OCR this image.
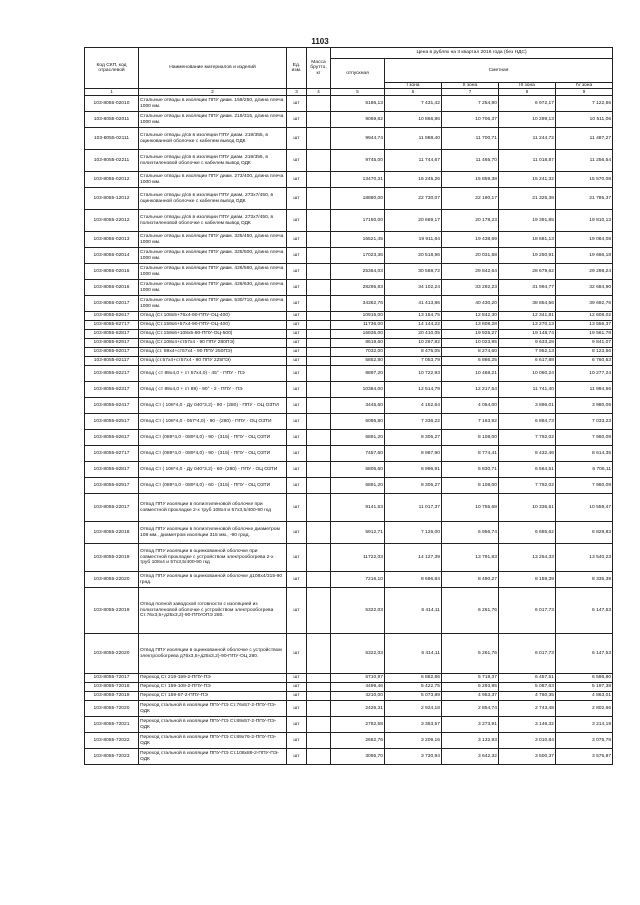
1103
Код СКП, код отраслевой	Наименование материалов и изделий	Ед. изм.	Масса брутто, кг	Цена в рублях на II квартал 2016 года (без НДС)				
				отпускная	Сметная			
					I зона	II зона	III зона	IV зона
1	2	3	4	5	6	7	8	9
103-8055-02010	Стальные отводы в изоляции ППУ диам. 159/250, длина плеча 1000 мм.	шт		6186,13	7 431,42	7 254,90	6 972,17	7 122,56
103-8055-02011	Стальные отводы в изоляции ППУ диам. 219/315, длина плеча 1000 мм.	шт		9069,62	10 866,86	10 706,37	10 289,13	10 511,06
103-8055-02111	Стальные отводы д/св в изоляции ППУ диам. 219/355, в оцинкованной оболочке с кабелем вывод ОДК	шт		9944,74	11 988,40	11 700,71	11 244,72	11 487,27
103-8055-02211	Стальные отводы д/св в изоляции ППУ диам. 219/355, в полиэтиленовой оболочке с кабелем вывод ОДК	шт		9745,00	11 744,67	11 465,70	11 018,87	11 256,54
103-8055-02012	Стальные отводы в изоляции ППУ диам. 273/400, длина плеча 1000 мм.	шт		13470,31	16 245,26	15 859,38	15 241,32	15 570,08
103-8055-12012	Стальные отводы д/св в изоляции ППУ диам. 273х7/450, в оцинкованной оболочке с кабелем вывод ОДК	шт		18880,00	22 730,07	22 190,17	21 325,38	21 785,37
103-8055-22012	Стальные отводы д/св в изоляции ППУ диам. 273х7/450, в полиэтиленовой оболочке с кабелем вывод ОДК	шт		17150,00	20 669,17	20 178,23	19 391,85	19 810,13
103-8055-02013	Стальные отводы в изоляции ППУ диам. 325/450, длина плеча 1000 мм.	шт		16521,45	19 911,64	19 438,69	18 681,13	19 084,08
103-8055-02014	Стальные отводы в изоляции ППУ диам. 325/500, длина плеча 1000 мм.	шт		17023,36	20 518,96	20 031,58	19 250,91	19 666,18
103-8055-02015	Стальные отводы в изоляции ППУ диам. 426/560, длина плеча 1000 мм.	шт		25364,03	30 568,72	29 842,64	28 679,62	29 298,24
103-8055-02016	Стальные отводы в изоляции ППУ диам. 426/630, длина плеча 1000 мм.	шт		28295,93	34 102,24	33 292,23	31 994,77	32 684,90
103-8055-02017	Стальные отводы в изоляции ППУ диам. 530/710, длина плеча 1000 мм.	шт		34362,76	41 413,86	40 430,20	38 854,56	39 692,76
103-8055-82617	Отвод (Ст.108х5+76х4-90-ППУ-ОЦ-400)	шт		10915,00	13 154,75	12 842,30	12 341,81	12 608,02
103-8055-82717	Отвод (Ст.159х6+57х4-90-ППУ-ОЦ-400)	шт		11736,00	14 144,22	13 808,28	13 270,13	13 556,37
103-8055-82817	Отвод (Ст.159х6+108х5-90-ППУ-ОЦ-500)	шт		16935,00	20 410,05	19 925,27	19 148,74	19 561,78
103-8055-82917	Отвод (Ст.108х4+ст57х4 - 90 ППУ 280ПЭ)	шт		8519,60	10 267,82	10 023,95	9 633,28	9 841,07
103-8055-92017	Отвод (ст. 89х4+ст57х4 - 90 ППУ 250ПЭ)	шт		7032,00	8 475,05	8 274,60	7 952,13	8 123,56
103-8055-92117	Отвод (ст.57х4+ст57х4 - 90 ППУ 225ПЭ)	шт		5852,80	7 053,79	6 886,25	6 617,88	6 760,63
103-8055-92217	Отвод ( ст 89х4,0 + ст 57х4,0) - 45° - ППУ - ПЭ	шт		8897,20	10 722,93	10 468,21	10 060,24	10 277,24
103-8055-92317	Отвод ( ст 89х4,0 + ст 89) - 90° - 2 - ППУ - ПЭ	шт		10384,00	12 514,79	12 217,54	11 741,40	11 994,66
103-8055-92417	Отвод Ст ( 108*4,0 - Ду 040*3,2) - 90 - (280) - ППУ - ОЦ ОЗТИ	шт		3445,60	4 152,64	4 054,00	3 896,01	3 980,05
103-8055-92517	Отвод Ст ( 108*4,0 - 057*4,0) - 90 - (280) - ППУ - ОЦ ОЗТИ	шт		6086,80	7 336,22	7 163,92	6 884,73	7 033,23
103-8055-92617	Отвод Ст (089*4,0 - 089*4,0) - 90 - (315) - ППУ - ОЦ ОЗТИ	шт		6891,20	8 305,27	8 108,00	7 792,02	7 960,09
103-8055-92717	Отвод Ст (089*4,0 - 089*4,0) - 90 - (315) - ППУ - ОЦ ОЗТИ	шт		7457,60	8 987,90	8 774,41	8 432,46	8 614,35
103-8055-92817	Отвод Ст ( 108*4,0 - Ду 040*3,2) - 60- (280) - ППУ - ОЦ ОЗТИ	шт		5805,60	6 996,91	6 830,71	6 564,51	6 706,11
103-8055-92917	Отвод Ст (089*4,0 - 089*4,0) - 60 - (315) - ППУ - ОЦ ОЗТИ	шт		6891,20	8 305,27	8 108,00	7 792,02	7 960,09
103-8055-22017	Отвод ППУ изоляции в полиэтиленовой оболочке при совместной прокладке 2-х труб 108х4 и 57х3,5/400-90 гкд	шт		9141,53	11 017,37	10 755,68	10 336,51	10 559,47
103-8055-22018	Отвод ППУ изоляции в полиэтиленовой оболочке диаметром 108 мм., диаметром изоляции 315 мм., -90 град.	шт		5912,71	7 126,00	6 956,74	6 685,62	6 829,83
103-8055-22019	Отвод ППУ изоляции в оцинкованной оболочке при совместной прокладке с устройством электрообогрева 2-х труб 108х4 и 57х3,5/400-90 гкд	шт		11722,03	14 127,39	13 791,83	13 254,33	13 540,23
103-8055-22020	Отвод ППУ изоляции в оцинкованной оболочке д108х4/315-90 град.	шт		7216,10	8 696,84	8 490,27	8 159,39	8 335,39
103-8055-22019	Отвод полной заводской готовности с изоляцией из полиэтиленовой оболочке с устройством электрообогрева Ст.76х3,5+д25х3,2)-90-ППУОПЭ 280.	шт		5322,03	6 414,11	6 261,76	6 017,73	6 147,53
103-8055-22020	Отвод ППУ изоляции в оцинкованной оболочке с устройством электрообогрева д76х3,5+д25х3,2)-90-ППУ-ОЦ 280.	шт		5322,03	6 414,11	6 261,76	6 017,73	6 147,53
103-8055-72017	Переход Ст 219-159-2-ППУ-ПЭ	шт		5710,97	6 882,86	6 719,37	6 457,51	6 596,80
103-8055-72018	Переход Ст 159-108-2-ППУ-ПЭ	шт		4499,46	5 422,75	5 293,95	5 087,63	5 197,38
103-8055-72019	Переход Ст 159-57-2-ППУ-ПЭ	шт		4210,00	5 073,89	4 953,37	4 760,35	4 863,01
103-8055-72020	Переход стальной в изоляции ППУ-ПЭ Ст.76х57-2-ППУ-ПЭ-ОДК	шт		2426,31	2 924,18	2 854,74	2 743,48	2 802,66
103-8055-72021	Переход стальной в изоляции ППУ-ПЭ Ст.89х57-2-ППУ-ПЭ-ОДК	шт		2782,58	3 353,57	3 273,91	3 146,32	3 214,19
103-8055-72022	Переход стальной в изоляции ППУ-ПЭ Ст.89х76-2-ППУ-ПЭ-ОДК	шт		2662,76	3 209,16	3 132,93	3 010,84	3 075,78
103-8055-72023	Переход стальной в изоляции ППУ-ПЭ Ст.108х89-2-ППУ-ПЭ-ОДК	шт		3095,70	3 730,94	3 642,32	3 500,37	3 575,87
